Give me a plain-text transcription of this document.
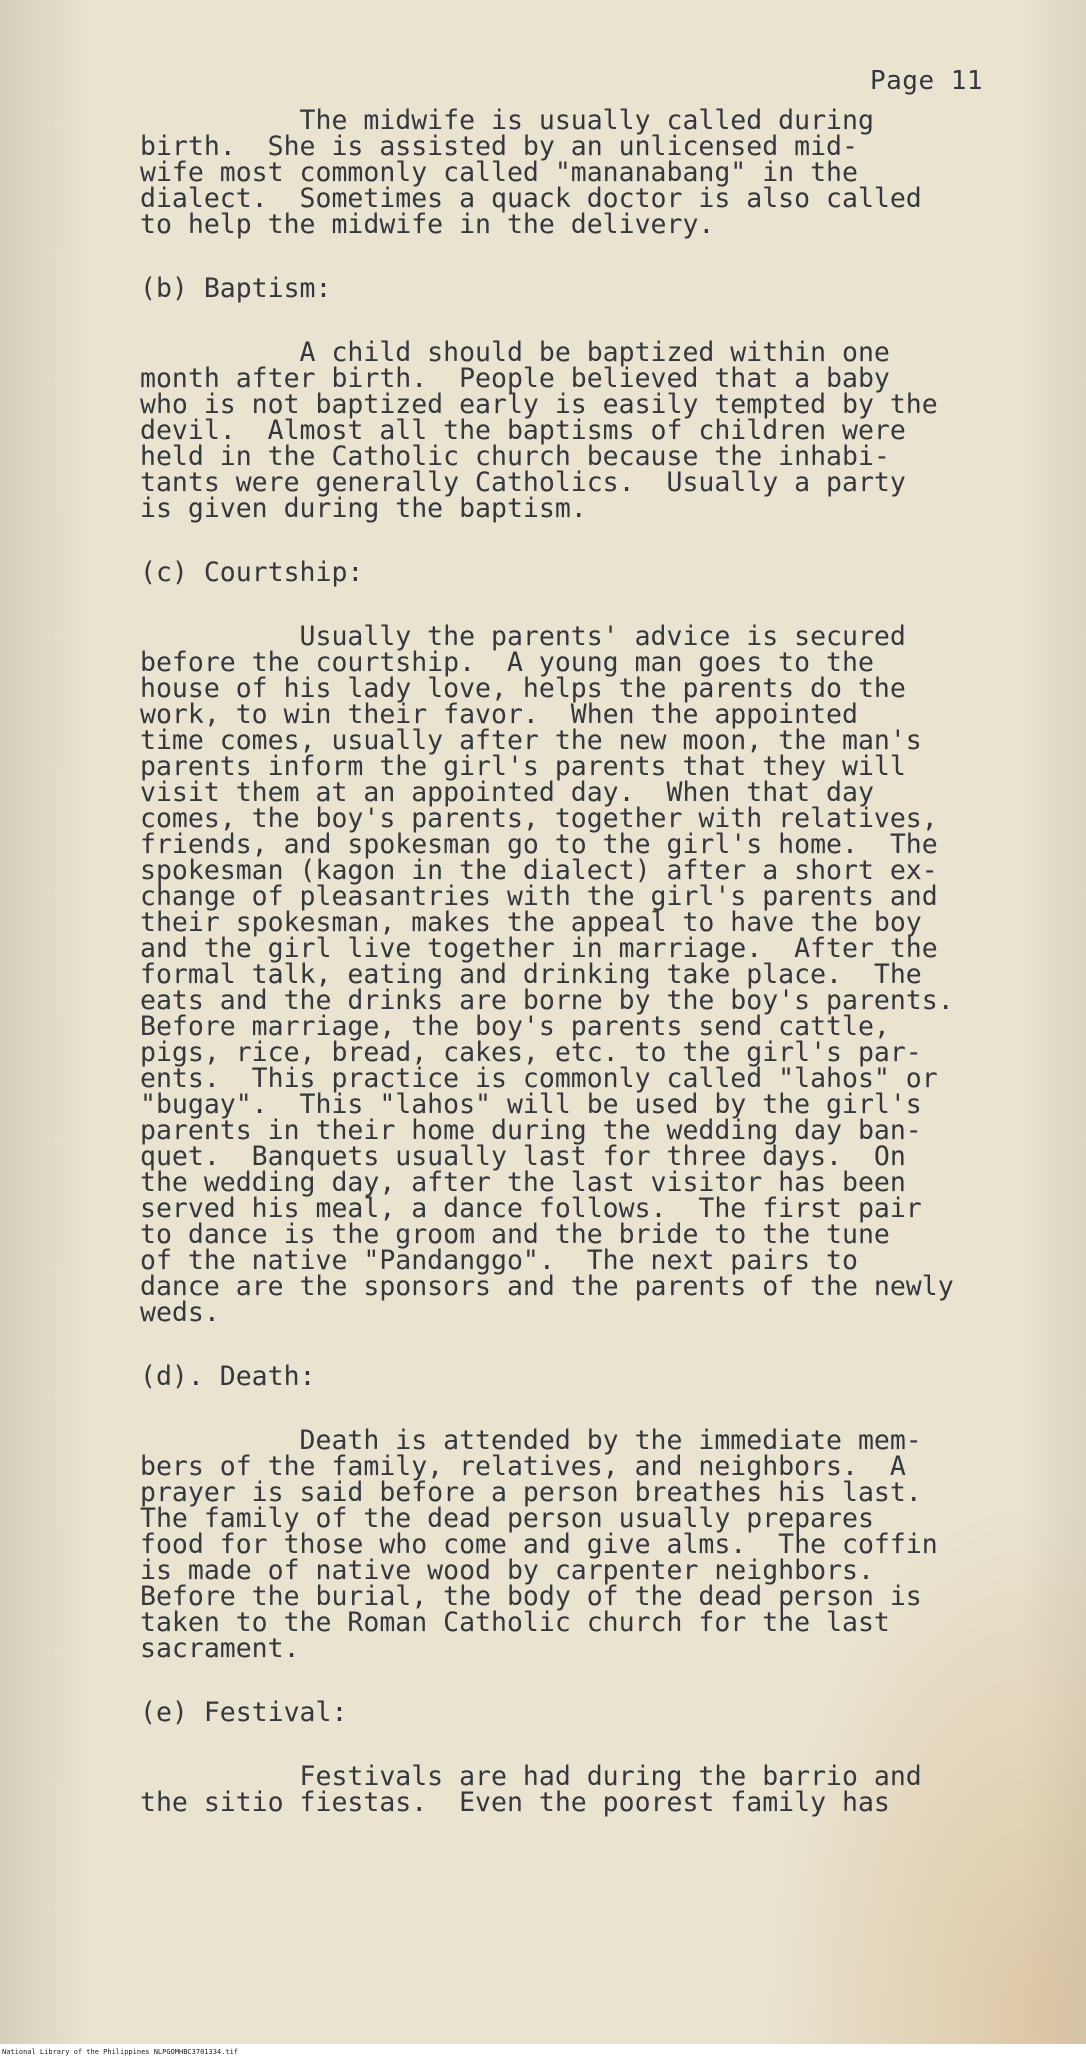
Page 11

The midwife is usually called during

birth.  She is assisted by an unlicensed mid-

wife most commonly called "mananabang" in the

dialect.  Sometimes a quack doctor is also called

to help the midwife in the delivery.

(b) Baptism:

A child should be baptized within one

month after birth.  People believed that a baby

who is not baptized early is easily tempted by the

devil.  Almost all the baptisms of children were

held in the Catholic church because the inhabi-

tants were generally Catholics.  Usually a party

is given during the baptism.

(c) Courtship:

Usually the parents' advice is secured

before the courtship.  A young man goes to the

house of his lady love, helps the parents do the

work, to win their favor.  When the appointed

time comes, usually after the new moon, the man's

parents inform the girl's parents that they will

visit them at an appointed day.  When that day

comes, the boy's parents, together with relatives,

friends, and spokesman go to the girl's home.  The

spokesman (kagon in the dialect) after a short ex-

change of pleasantries with the girl's parents and

their spokesman, makes the appeal to have the boy

and the girl live together in marriage.  After the

formal talk, eating and drinking take place.  The

eats and the drinks are borne by the boy's parents.

Before marriage, the boy's parents send cattle,

pigs, rice, bread, cakes, etc. to the girl's par-

ents.  This practice is commonly called "lahos" or

"bugay".  This "lahos" will be used by the girl's

parents in their home during the wedding day ban-

quet.  Banquets usually last for three days.  On

the wedding day, after the last visitor has been

served his meal, a dance follows.  The first pair

to dance is the groom and the bride to the tune

of the native "Pandanggo".  The next pairs to

dance are the sponsors and the parents of the newly

weds.

(d). Death:

Death is attended by the immediate mem-

bers of the family, relatives, and neighbors.  A

prayer is said before a person breathes his last.

The family of the dead person usually prepares

food for those who come and give alms.  The coffin

is made of native wood by carpenter neighbors.

Before the burial, the body of the dead person is

taken to the Roman Catholic church for the last

sacrament.

(e) Festival:

Festivals are had during the barrio and

the sitio fiestas.  Even the poorest family has

National Library of the Philippines NLPGOMHBC3701334.tif
